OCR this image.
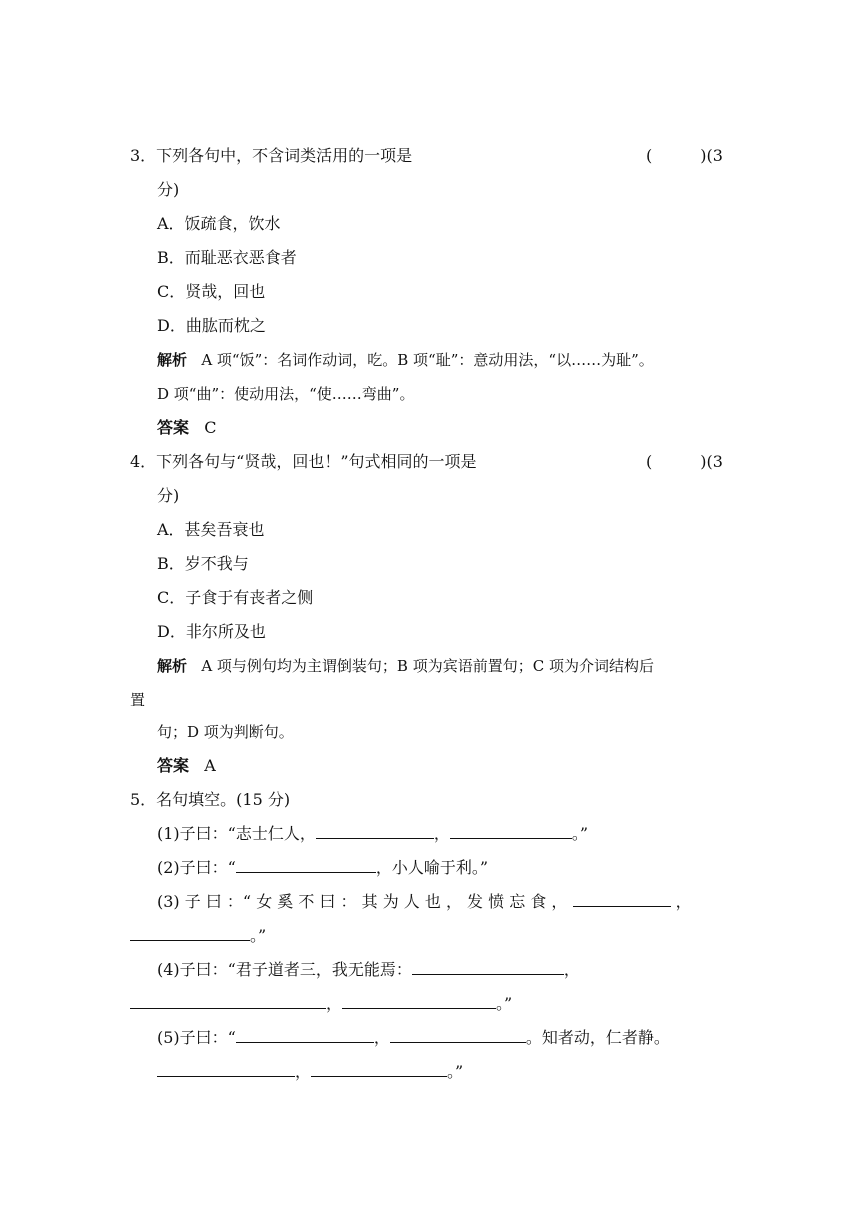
3．下列各句中，不含词类活用的一项是	(　　　)(3
分)
A．饭疏食，饮水
B．而耻恶衣恶食者
C．贤哉，回也
D．曲肱而枕之
解析 A 项“饭”：名词作动词，吃。B 项“耻”：意动用法，“以……为耻”。
D 项“曲”：使动用法，“使……弯曲”。
答案 C
4．下列各句与“贤哉，回也！”句式相同的一项是	(　　　)(3
分)
A．甚矣吾衰也
B．岁不我与
C．子食于有丧者之侧
D．非尔所及也
解析 A 项与例句均为主谓倒装句；B 项为宾语前置句；C 项为介词结构后
置
句；D 项为判断句。
答案 A
5．名句填空。(15 分)
(1)子曰：“志士仁人，	，	。”
(2)子曰：“	，小人喻于利。”
(3) 子 曰 ：“ 女 奚 不 曰 ： 其 为 人 也 ， 发 愤 忘 食 ，	，
。”
(4)子曰：“君子道者三，我无能焉：	，
，	。”
(5)子曰：“	，	。知者动，仁者静。
，	。”
